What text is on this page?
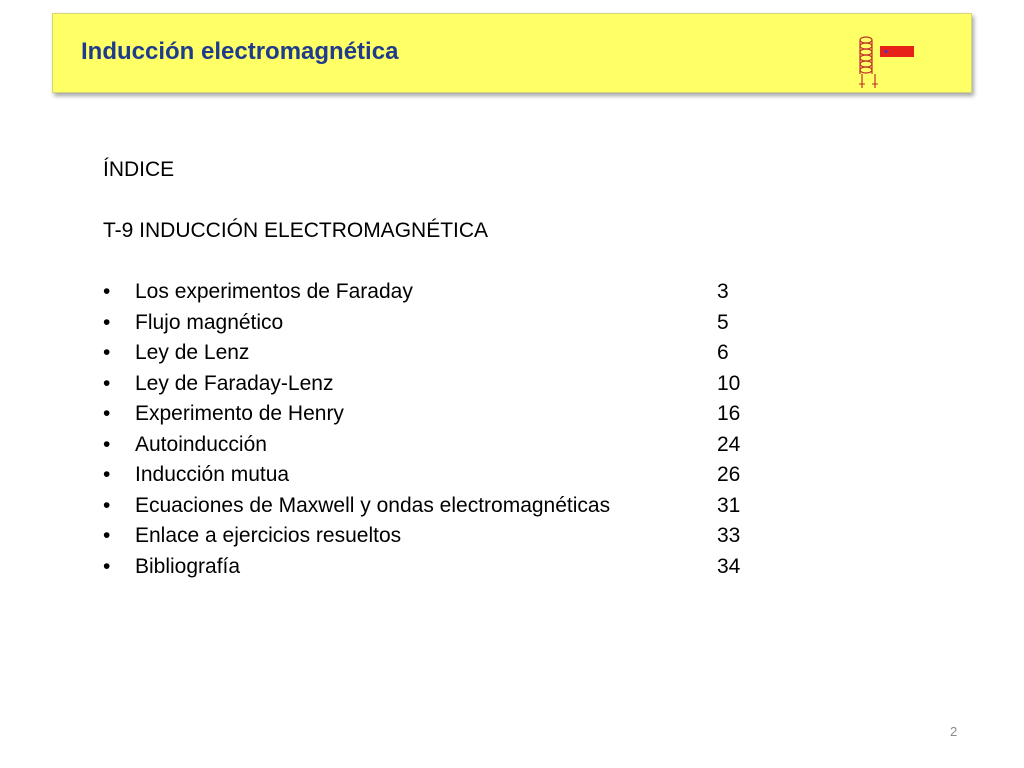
Inducción electromagnética
ÍNDICE
T-9 INDUCCIÓN ELECTROMAGNÉTICA
• Los experimentos de Faraday	3
• Flujo magnético	5
• Ley de Lenz	6
• Ley de Faraday-Lenz	10
• Experimento de Henry	16
• Autoinducción	24
• Inducción mutua	26
• Ecuaciones de Maxwell y ondas electromagnéticas	31
• Enlace a ejercicios resueltos	33
• Bibliografía	34
2
